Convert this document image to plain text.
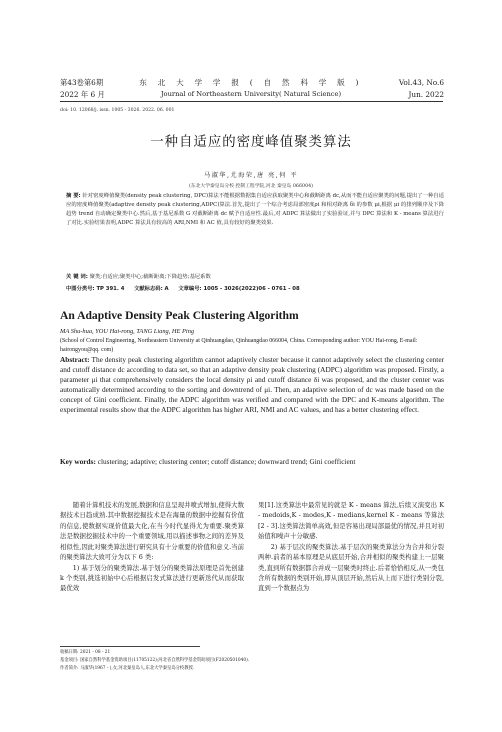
第43卷第6期
2022 年 6 月
东 北 大 学 学 报 ( 自 然 科 学 版 )
Journal of Northeastern University( Natural Science)
Vol.43, No.6
Jun. 2022
doi: 10. 12068/j. issn. 1005 - 3026. 2022. 06. 001
一种自适应的密度峰值聚类算法
马淑华,尤海荣,唐 亮,何 平
(东北大学秦皇岛分校 控制工程学院,河北 秦皇岛 066004)
摘 要: 针对密度峰值聚类(density peak clustering, DPC)算法不能根据数据集自适应获取聚类中心和截断距离 dc,从而不能自适应聚类的问题,提出了一种自适应的密度峰值聚类(adaptive density peak clustering,ADPC)算法.首先,提出了一个综合考虑局部密度ρi 和相对距离 δi 的参数 μi,根据 μi 的排列顺序及下降趋势 trend 自动确定聚类中心.然后,基于基尼系数 G 对截断距离 dc 赋予自适应性.最后,对 ADPC 算法做出了实验验证,并与 DPC 算法和 K - means 算法进行了对比.实验结果表明,ADPC 算法具有较高的 ARI,NMI 和 AC 值,具有较好的聚类效果.
关 键 词: 聚类;自适应;聚类中心;截断距离;下降趋势;基尼系数
中图分类号: TP 391. 4 文献标志码: A 文章编号: 1005 - 3026(2022)06 - 0761 - 08
An Adaptive Density Peak Clustering Algorithm
MA Shu-hua, YOU Hai-rong, TANG Liang, HE Ping
(School of Control Engineering, Northeastern University at Qinhuangdao, Qinhuangdao 066004, China. Corresponding author: YOU Hai-rong, E-mail: hairongyou@qq. com)
Abstract: The density peak clustering algorithm cannot adaptively cluster because it cannot adaptively select the clustering center and cutoff distance dc according to data set, so that an adaptive density peak clustering (ADPC) algorithm was proposed. Firstly, a parameter μi that comprehensively considers the local density ρi and cutoff distance δi was proposed, and the cluster center was automatically determined according to the sorting and downtrend of μi. Then, an adaptive selection of dc was made based on the concept of Gini coefficient. Finally, the ADPC algorithm was verified and compared with the DPC and K-means algorithm. The experimental results show that the ADPC algorithm has higher ARI, NMI and AC values, and has a better clustering effect.
Key words: clustering; adaptive; clustering center; cutoff distance; downward trend; Gini coefficient

随着计算机技术的发展,数据和信息呈现井喷式增加,使得大数据技术日趋成熟.其中数据挖掘技术是在海量的数据中挖掘有价值的信息,使数据实现价值最大化,在当今时代显得尤为重要.聚类算法是数据挖掘技术中的一个重要领域,用以描述事物之间的差异及相似性,因此对聚类算法进行研究具有十分重要的价值和意义.当前的聚类算法大致可分为以下 6 类:

1) 基于划分的聚类算法.基于划分的聚类算法原理是首先创建 k 个类别,挑选初始中心后根据启发式算法进行更新迭代从而获取最优效

果[1].这类算法中最常见的就是 K - means 算法,后续又演变出 K - medoids,K - modes,K - medians,kernel K - means 等算法[2 - 3].这类算法简单高效,但是容易出现局部最优的情况,并且对初始值和噪声十分敏感.

2) 基于层次的聚类算法.基于层次的聚类算法分为合并和分裂两种.前者的基本原理是从底层开始,合并相似的聚类构建上一层聚类,直到所有数据都合并成一层聚类时终止.后者恰恰相反,从一类包含所有数据的类别开始,即从顶层开始,然后从上而下进行类别分裂,直到一个数据点为

收稿日期: 2021 - 08 - 21
基金项目: 国家自然科学基金资助项目(11705122);河北省自然科学基金资助项目(F2020501040).
作者简介: 马淑华(1967 - ),女,河北秦皇岛人,东北大学秦皇岛分校教授.
